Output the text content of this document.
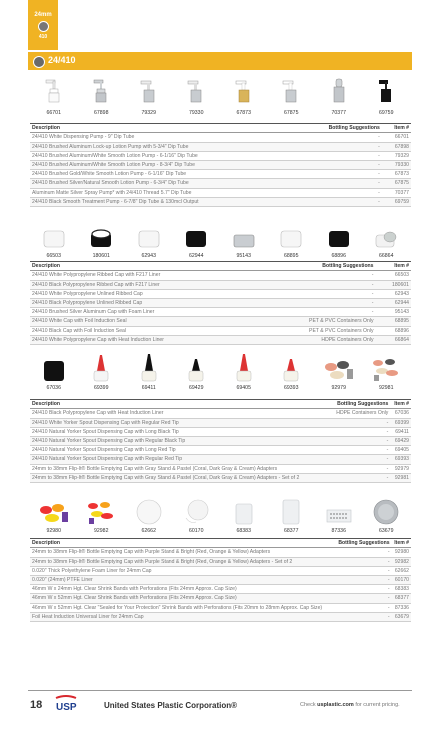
24mm
410
24/410
66701	67898	79329	79330	67873	67875	70377	69759
Description	Bottling Suggestions	Item #
24/410 White Dispensing Pump - 9" Dip Tube	-	66701
24/410 Brushed Aluminum Lock-up Lotion Pump with 5-3/4" Dip Tube	-	67898
24/410 Brushed Aluminum/White Smooth Lotion Pump - 6-1/16" Dip Tube	-	79329
24/410 Brushed Aluminum/White Smooth Lotion Pump - 8-3/4" Dip Tube	-	79330
24/410 Brushed Gold/White Smooth Lotion Pump - 6-1/16" Dip Tube	-	67873
24/410 Brushed Silver/Natural Smooth Lotion Pump - 6-3/4" Dip Tube	-	67875
Aluminum Matte Silver Spray Pump* with 24/410 Thread 5.7" Dip Tube	-	70377
24/410 Black Smooth Treatment Pump - 6-7/8" Dip Tube & 130mcl Output	-	69759
66503	180601	62943	62944	95143	68895	68896	66864
Description	Bottling Suggestions	Item #
24/410 White Polypropylene Ribbed Cap with F217 Liner	-	66503
24/410 Black Polypropylene Ribbed Cap with F217 Liner	-	180601
24/410 White Polypropylene Unlined Ribbed Cap	-	62943
24/410 Black Polypropylene Unlined Ribbed Cap	-	62944
24/410 Brushed Silver Aluminum Cap with Foam Liner	-	95143
24/410 White Cap with Foil Induction Seal	PET & PVC Containers Only	68895
24/410 Black Cap with Foil Induction Seal	PET & PVC Containers Only	68896
24/410 White Polypropylene Cap with Heat Induction Liner	HDPE Containers Only	66864
67036	69399	69411	69429	69405	69393	92979	92981
Description	Bottling Suggestions	Item #
24/410 Black Polypropylene Cap with Heat Induction Liner	HDPE Containers Only	67036
24/410 White Yorker Spout Dispensing Cap with Regular Red Tip	-	69399
24/410 Natural Yorker Spout Dispensing Cap with Long Black Tip	-	69411
24/410 Natural Yorker Spout Dispensing Cap with Regular Black Tip	-	69429
24/410 Natural Yorker Spout Dispensing Cap with Long Red Tip	-	69405
24/410 Natural Yorker Spout Dispensing Cap with Regular Red Tip	-	69393
24mm to 38mm Flip-It® Bottle Emptying Cap with Gray Stand & Pastel (Coral, Dark Gray & Cream) Adapters	-	92979
24mm to 38mm Flip-It® Bottle Emptying Cap with Gray Stand & Pastel (Coral, Dark Gray & Cream) Adapters - Set of 2	-	92981
92980	92982	62662	60170	68383	68377	87336	63679
Description	Bottling Suggestions	Item #
24mm to 38mm Flip-It® Bottle Emptying Cap with Purple Stand & Bright (Red, Orange & Yellow) Adapters	-	92980
24mm to 38mm Flip-It® Bottle Emptying Cap with Purple Stand & Bright (Red, Orange & Yellow) Adapters - Set of 2	-	92982
0.020" Thick Polyethylene Foam Liner for 24mm Cap	-	62662
0.020" (24mm) PTFE Liner	-	60170
46mm W x 24mm Hgt. Clear Shrink Bands with Perforations (Fits 24mm Approx. Cap Size)	-	68383
46mm W x 52mm Hgt. Clear Shrink Bands with Perforations (Fits 24mm Approx. Cap Size)	-	68377
46mm W x 52mm Hgt. Clear "Sealed for Your Protection" Shrink Bands with Perforations (Fits 20mm to 28mm Approx. Cap Size)	-	87336
Foil Heat Induction Universal Liner for 24mm Cap	-	63679
18 USP	United States Plastic Corporation®	Check usplastic.com for current pricing.
